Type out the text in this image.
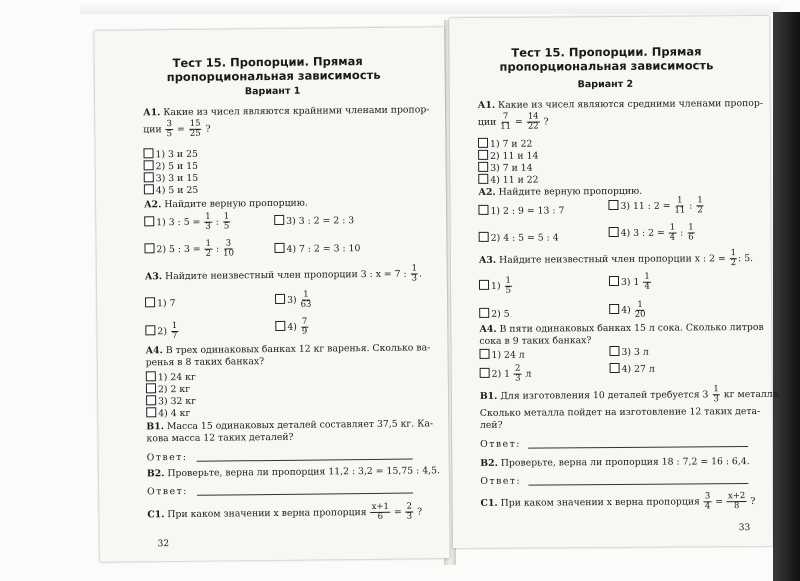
Тест 15. Пропорции. Прямая
пропорциональная зависимость
Вариант 1
А1. Какие из чисел являются крайними членами пропор-
ции $\frac{3}{5} = \frac{15}{25}$ ?
1) 3 и 25
2) 5 и 15
3) 3 и 15
4) 5 и 25
А2. Найдите верную пропорцию.
1) 3 : $5 = \frac{1}{3}$ : $\frac{1}{5}$	3) 3 : 2 = 2 : 3
2) 5 : $3 = \frac{1}{2}$ : $\frac{3}{10}$	4) 7 : 2 = 3 : 10
А3. Найдите неизвестный член пропорции 3 : x = 7 : $\frac{1}{3}$ .
1) 7	$3) \frac{1}{63}$
$2) \frac{1}{7}$	$4) \frac{7}{9}$
А4. В трех одинаковых банках 12 кг варенья. Сколько ва-
ренья в 8 таких банках?
1) 24 кг
2) 2 кг
3) 32 кг
4) 4 кг
В1. Масса 15 одинаковых деталей составляет 37,5 кг. Ка-
кова масса 12 таких деталей?
Ответ:
В2. Проверьте, верна ли пропорция 11,2 : 3,2 = 15,75 : 4,5.
Ответ:
С1. При каком значении x верна пропорция $\frac{x+1}{6} = \frac{2}{3}$ ?
32
Тест 15. Пропорции. Прямая
пропорциональная зависимость
Вариант 2
А1. Какие из чисел являются средними членами пропор-
ции $\frac{7}{11} = \frac{14}{22}$ ?
1) 7 и 22
2) 11 и 14
3) 7 и 14
4) 11 и 22
А2. Найдите верную пропорцию.
1) 2 : 9 = 13 : 7	3) 11 : $2 = \frac{1}{11}$ : $\frac{1}{2}$
2) 4 : 5 = 5 : 4	4) 3 : $2 = \frac{1}{4}$ : $\frac{1}{6}$
А3. Найдите неизвестный член пропорции x : $2 = \frac{1}{2}$ : 5.
$1) \frac{1}{5}$	3) $1 \frac{1}{4}$
2) 5	$4) \frac{1}{20}$
А4. В пяти одинаковых банках 15 л сока. Сколько литров
сока в 9 таких банках?
1) 24 л	3) 3 л
2) $1 \frac{2}{3}$ л	4) 27 л
В1. Для изготовления 10 деталей требуется $3 \frac{1}{3}$ кг металла.
Сколько металла пойдет на изготовление 12 таких дета-
лей?
Ответ:
В2. Проверьте, верна ли пропорция 18 : 7,2 = 16 : 6,4.
Ответ:
С1. При каком значении x верна пропорция $\frac{3}{4} = \frac{x+2}{8}$ ?
33
